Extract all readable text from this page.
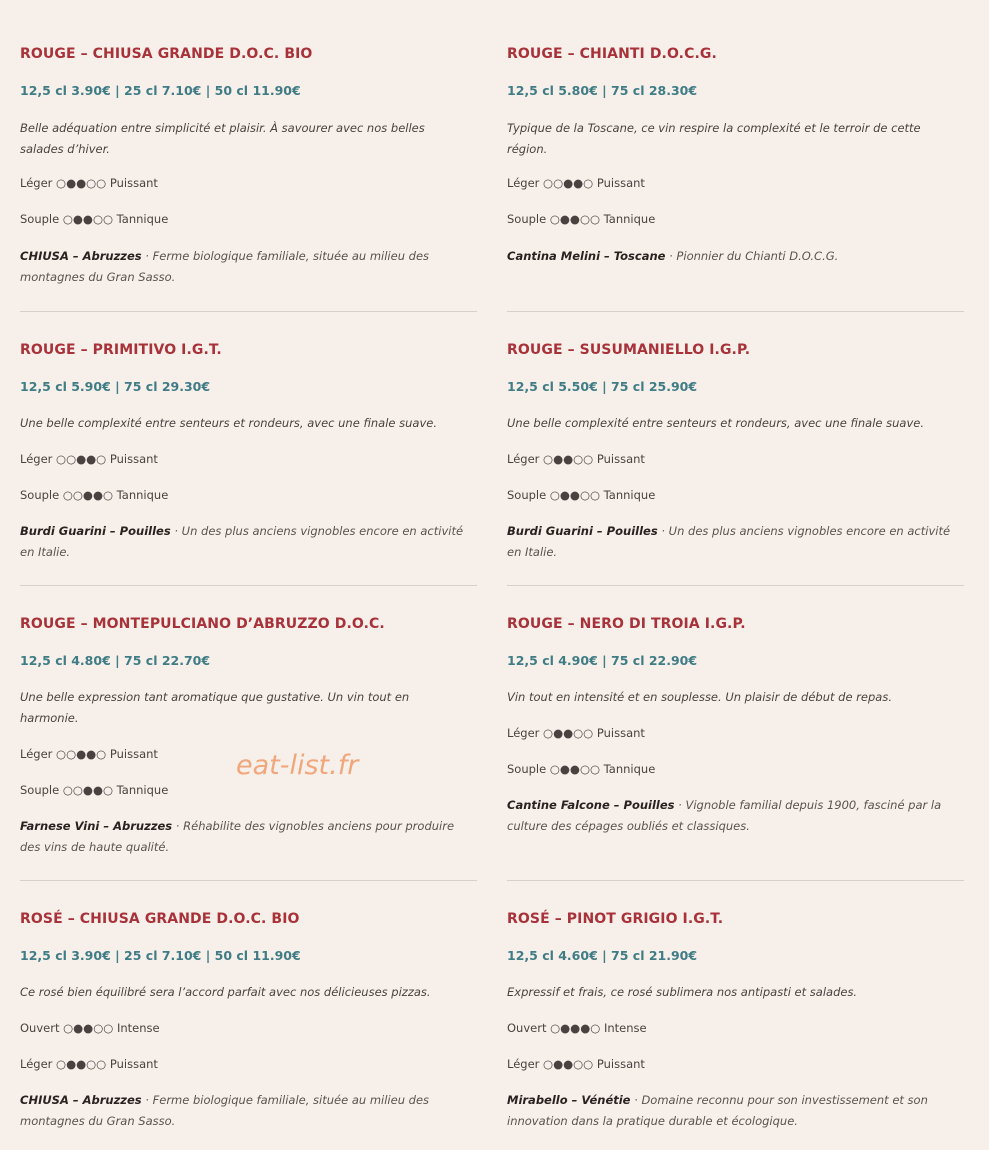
ROUGE – CHIUSA GRANDE D.O.C. BIO
12,5 cl 3.90€ | 25 cl 7.10€ | 50 cl 11.90€
Belle adéquation entre simplicité et plaisir. À savourer avec nos belles salades d’hiver.
Léger ○●●○○ Puissant
Souple ○●●○○ Tannique
CHIUSA – Abruzzes · Ferme biologique familiale, située au milieu des montagnes du Gran Sasso.
ROUGE – CHIANTI D.O.C.G.
12,5 cl 5.80€ | 75 cl 28.30€
Typique de la Toscane, ce vin respire la complexité et le terroir de cette région.
Léger ○○●●○ Puissant
Souple ○●●○○ Tannique
Cantina Melini – Toscane · Pionnier du Chianti D.O.C.G.
ROUGE – PRIMITIVO I.G.T.
12,5 cl 5.90€ | 75 cl 29.30€
Une belle complexité entre senteurs et rondeurs, avec une finale suave.
Léger ○○●●○ Puissant
Souple ○○●●○ Tannique
Burdi Guarini – Pouilles · Un des plus anciens vignobles encore en activité en Italie.
ROUGE – SUSUMANIELLO I.G.P.
12,5 cl 5.50€ | 75 cl 25.90€
Une belle complexité entre senteurs et rondeurs, avec une finale suave.
Léger ○●●○○ Puissant
Souple ○●●○○ Tannique
Burdi Guarini – Pouilles · Un des plus anciens vignobles encore en activité en Italie.
ROUGE – MONTEPULCIANO D’ABRUZZO D.O.C.
12,5 cl 4.80€ | 75 cl 22.70€
Une belle expression tant aromatique que gustative. Un vin tout en harmonie.
Léger ○○●●○ Puissant
Souple ○○●●○ Tannique
Farnese Vini – Abruzzes · Réhabilite des vignobles anciens pour produire des vins de haute qualité.
ROUGE – NERO DI TROIA I.G.P.
12,5 cl 4.90€ | 75 cl 22.90€
Vin tout en intensité et en souplesse. Un plaisir de début de repas.
Léger ○●●○○ Puissant
Souple ○●●○○ Tannique
Cantine Falcone – Pouilles · Vignoble familial depuis 1900, fasciné par la culture des cépages oubliés et classiques.
ROSÉ – CHIUSA GRANDE D.O.C. BIO
12,5 cl 3.90€ | 25 cl 7.10€ | 50 cl 11.90€
Ce rosé bien équilibré sera l’accord parfait avec nos délicieuses pizzas.
Ouvert ○●●○○ Intense
Léger ○●●○○ Puissant
CHIUSA – Abruzzes · Ferme biologique familiale, située au milieu des montagnes du Gran Sasso.
ROSÉ – PINOT GRIGIO I.G.T.
12,5 cl 4.60€ | 75 cl 21.90€
Expressif et frais, ce rosé sublimera nos antipasti et salades.
Ouvert ○●●●○ Intense
Léger ○●●○○ Puissant
Mirabello – Vénétie · Domaine reconnu pour son investissement et son innovation dans la pratique durable et écologique.
eat-list.fr
